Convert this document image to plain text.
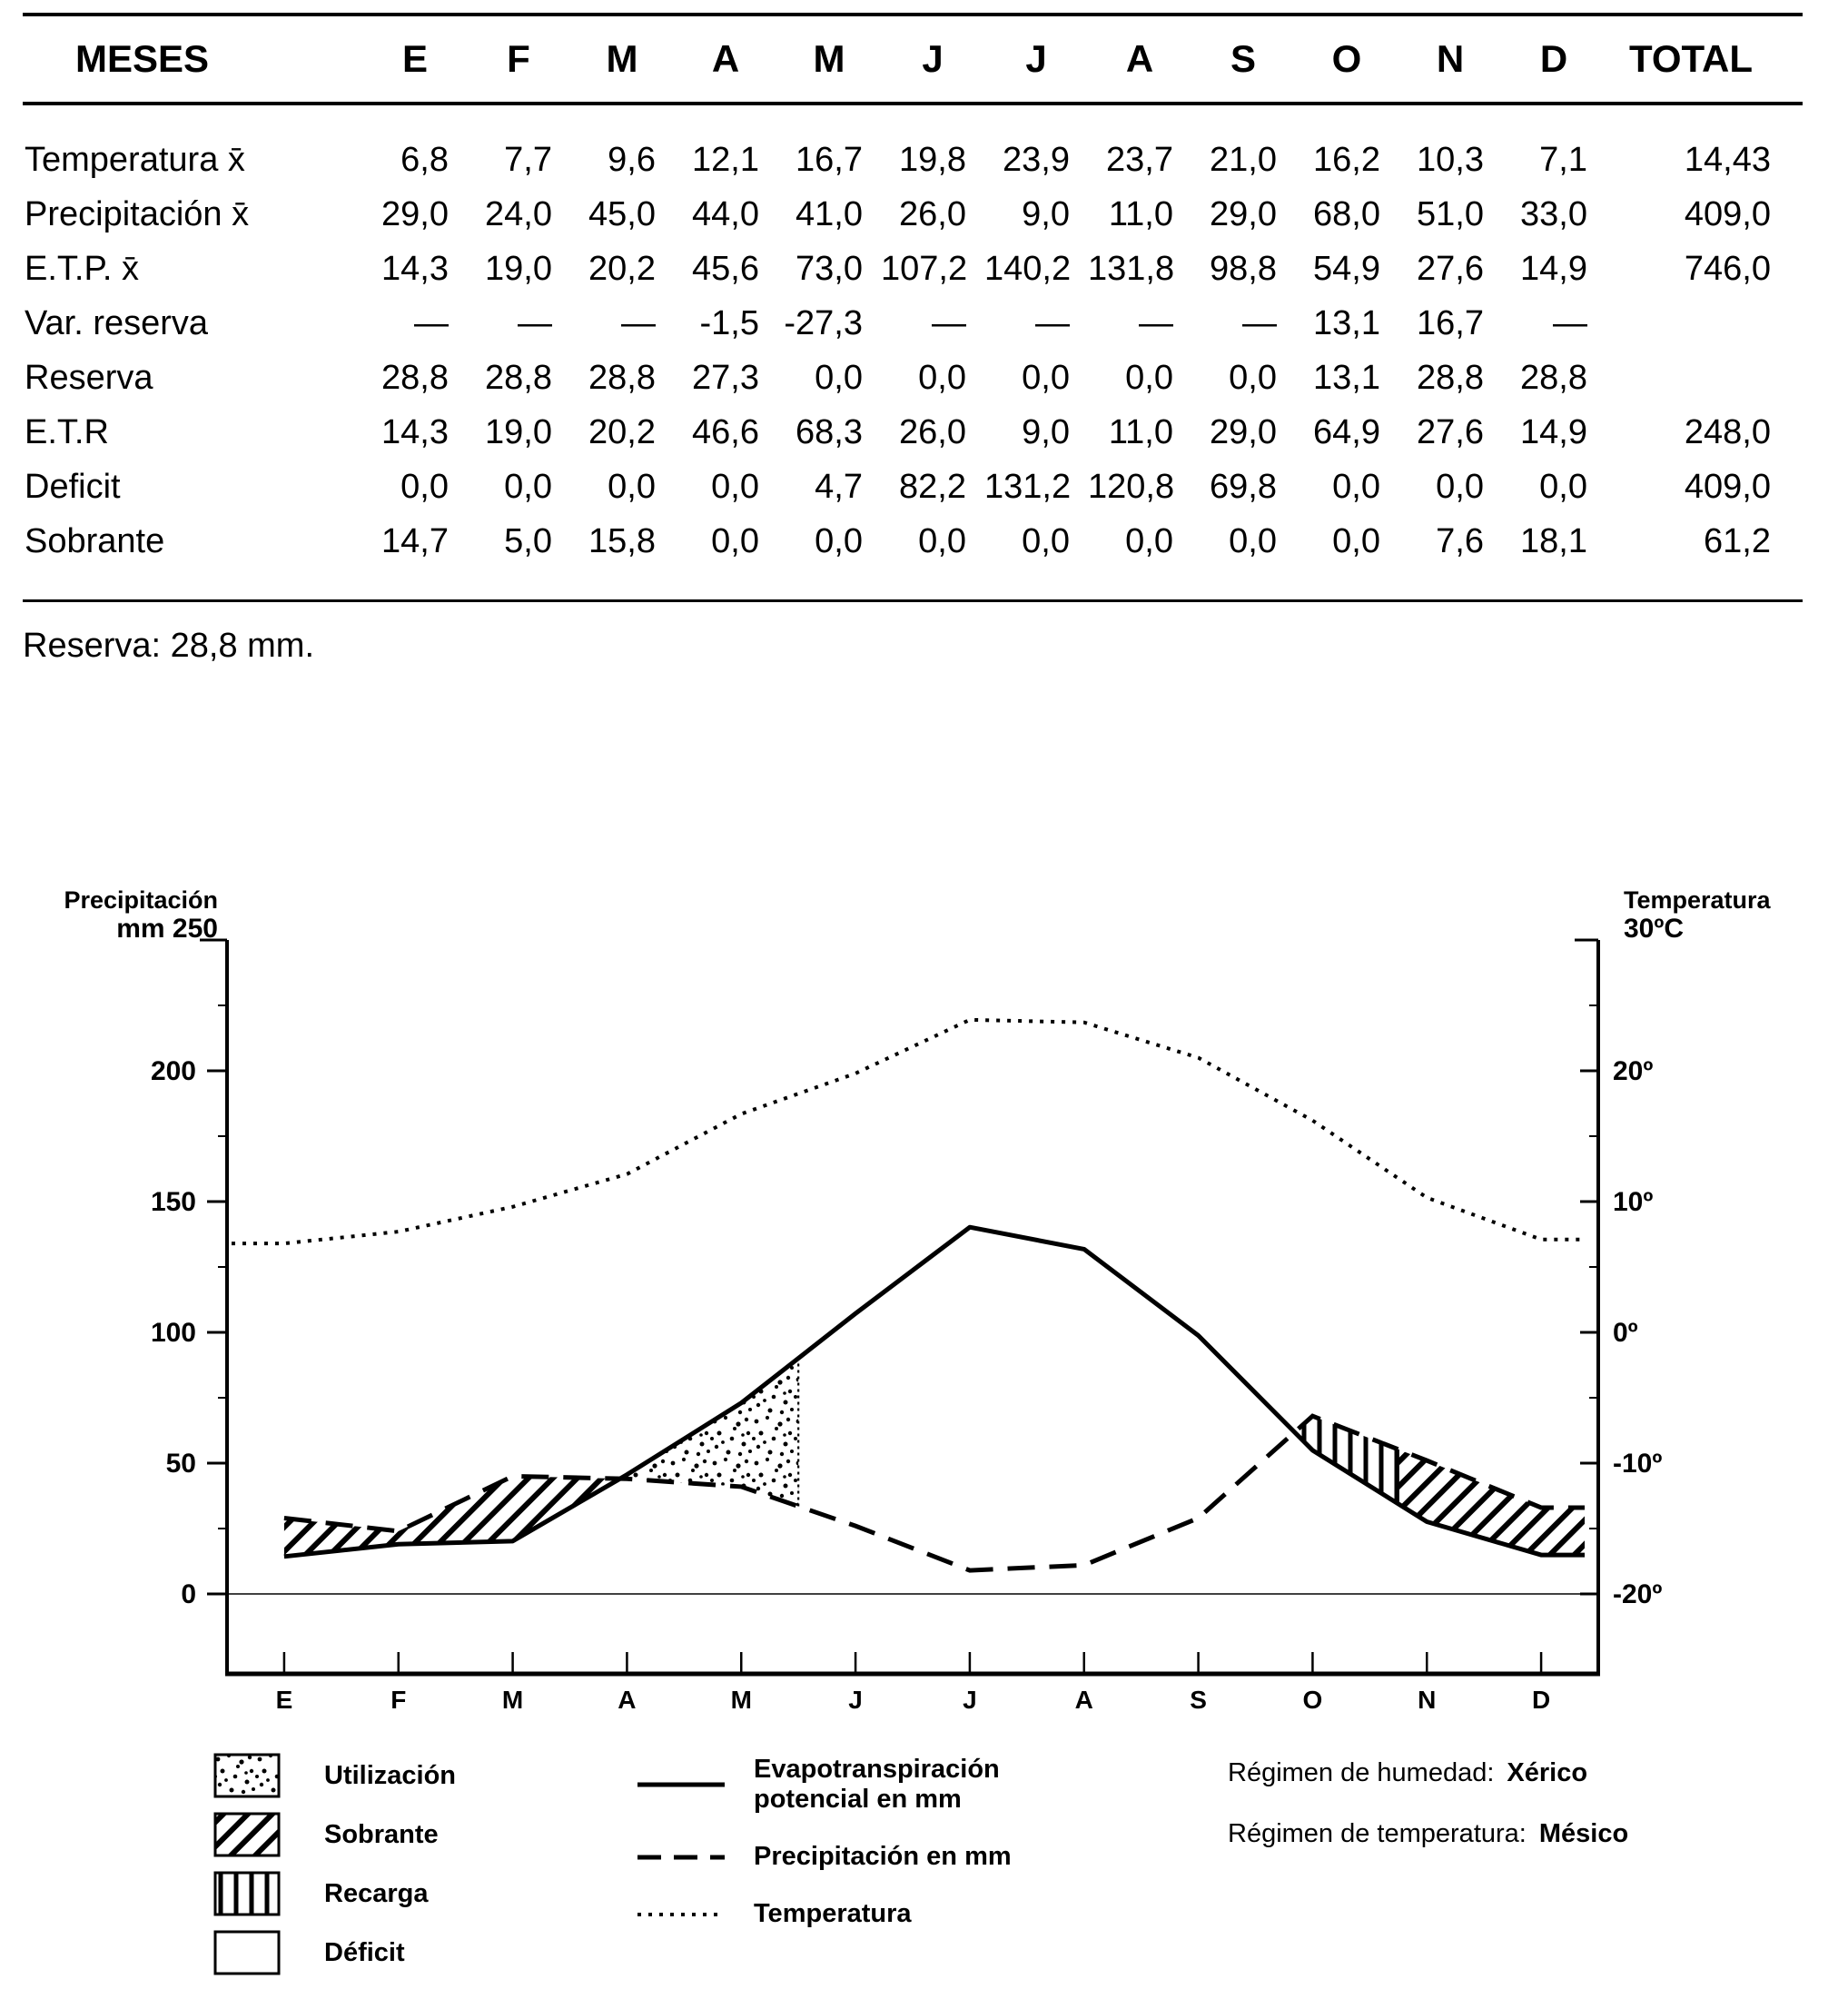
MESES	E	F	M	A	M	J	J	A	S	O	N	D	TOTAL
Temperatura x̄	6,8	7,7	9,6	12,1	16,7	19,8	23,9	23,7	21,0	16,2	10,3	7,1	14,43
Precipitación x̄	29,0	24,0	45,0	44,0	41,0	26,0	9,0	11,0	29,0	68,0	51,0	33,0	409,0
E.T.P. x̄	14,3	19,0	20,2	45,6	73,0 107,2 140,2 131,8	98,8	54,9	27,6	14,9	746,0
Var. reserva	—	—	—	-1,5 -27,3	—	—	—	—	13,1	16,7	—
Reserva	28,8	28,8	28,8	27,3	0,0	0,0	0,0	0,0	0,0	13,1	28,8	28,8
E.T.R	14,3	19,0	20,2	46,6	68,3	26,0	9,0	11,0	29,0	64,9	27,6	14,9	248,0
Deficit	0,0	0,0	0,0	0,0	4,7	82,2 131,2 120,8	69,8	0,0	0,0	0,0	409,0
Sobrante	14,7	5,0	15,8	0,0	0,0	0,0	0,0	0,0	0,0	0,0	7,6	18,1	61,2
Reserva: 28,8 mm.
200
150
100
50
0
20º
10º
0º
-10º
-20º
E	F	M	A	M	J	J	A	S	O	N	D
Precipitación
mm 250
Temperatura
30ºC
Utilización
Sobrante
Recarga
Déficit
Evapotranspiración
potencial en mm
Precipitación en mm
Temperatura
Régimen de humedad: Xérico
Régimen de temperatura: Mésico
